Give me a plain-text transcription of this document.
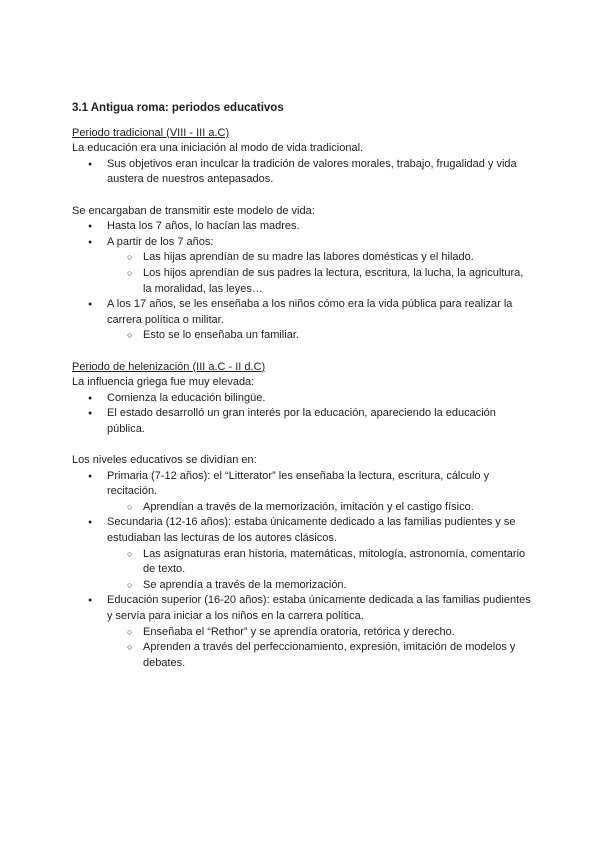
3.1 Antigua roma: periodos educativos

Periodo tradicional (VIII - III a.C)

La educación era una iniciación al modo de vida tradicional.

● Sus objetivos eran inculcar la tradición de valores morales, trabajo, frugalidad y vida austera de nuestros antepasados.

Se encargaban de transmitir este modelo de vida:

● Hasta los 7 años, lo hacían las madres.
● A partir de los 7 años:
○ Las hijas aprendían de su madre las labores domésticas y el hilado.
○ Los hijos aprendían de sus padres la lectura, escritura, la lucha, la agricultura, la moralidad, las leyes…
● A los 17 años, se les enseñaba a los niños cómo era la vida pública para realizar la carrera política o militar.
○ Esto se lo enseñaba un familiar.

Periodo de helenización (III a.C - II d.C)

La influencia griega fue muy elevada:

● Comienza la educación bilingüe.
● El estado desarrolló un gran interés por la educación, apareciendo la educación pública.

Los niveles educativos se dividían en:

● Primaria (7-12 años): el “Litterator” les enseñaba la lectura, escritura, cálculo y recitación.
○ Aprendían a través de la memorización, imitación y el castigo físico.
● Secundaria (12-16 años): estaba únicamente dedicado a las familias pudientes y se estudiaban las lecturas de los autores clásicos.
○ Las asignaturas eran historia, matemáticas, mitología, astronomía, comentario de texto.
○ Se aprendía a través de la memorización.
● Educación superior (16-20 años): estaba únicamente dedicada a las familias pudientes y servía para iniciar a los niños en la carrera política.
○ Enseñaba el “Rethor” y se aprendía oratoria, retórica y derecho.
○ Aprenden a través del perfeccionamiento, expresión, imitación de modelos y debates.
